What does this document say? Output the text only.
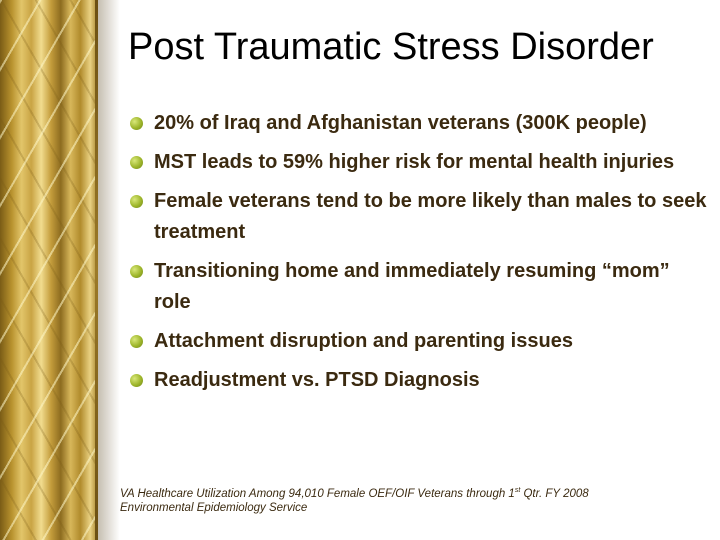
Post Traumatic Stress Disorder
20% of Iraq and Afghanistan veterans (300K people)
MST leads to 59% higher risk for mental health injuries
Female veterans tend to be more likely than males to seek treatment
Transitioning home and immediately resuming “mom” role
Attachment disruption and parenting issues
Readjustment vs. PTSD Diagnosis

VA Healthcare Utilization Among 94,010 Female OEF/OIF Veterans through 1st Qtr. FY 2008
Environmental Epidemiology Service
